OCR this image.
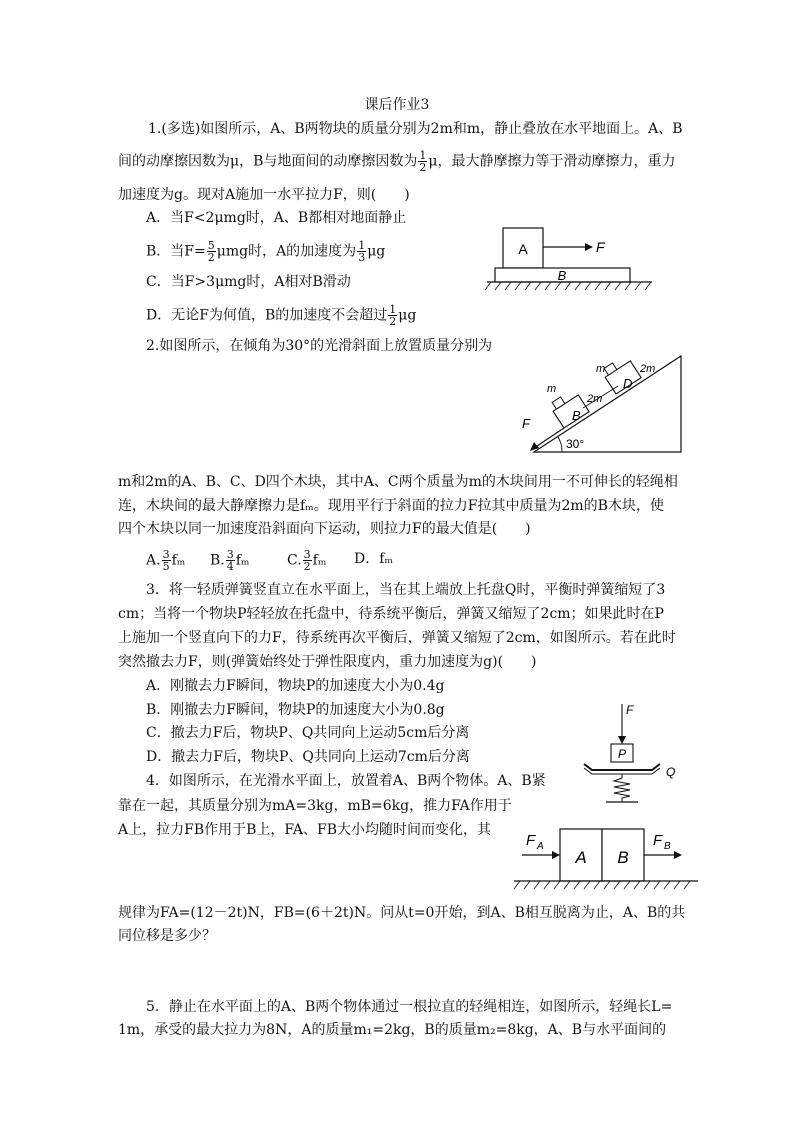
课后作业3
1.(多选)如图所示，A、B两物块的质量分别为2m和m，静止叠放在水平地面上。A、B
间的动摩擦因数为μ，B与地面间的动摩擦因数为 $\frac{1}{2}$ μ，最大静摩擦力等于滑动摩擦力，重力
加速度为g。现对A施加一水平拉力F，则(　　)
A．当F<2μmg时，A、B都相对地面静止
B．当$F= \frac{5}{2}$ μmg时，A的加速度为 $\frac{1}{3}$ μg
C．当F>3μmg时，A相对B滑动
D．无论F为何值，B的加速度不会超过 $\frac{1}{2}$ μg
A	F
B
2.如图所示，在倾角为30°的光滑斜面上放置质量分别为
30°
B
D
m
m
2m
2m
F
m和2m的A、B、C、D四个木块，其中A、C两个质量为m的木块间用一不可伸长的轻绳相
连，木块间的最大静摩擦力是fₘ。现用平行于斜面的拉力F拉其中质量为2m的B木块，使
四个木块以同一加速度沿斜面向下运动，则拉力F的最大值是(　　)
A. $\frac{3}{5}$ fₘ B. $\frac{3}{4}$ fₘ	C. $\frac{3}{2}$ fₘ D．fₘ
3．将一轻质弹簧竖直立在水平面上，当在其上端放上托盘Q时，平衡时弹簧缩短了3
cm；当将一个物块P轻轻放在托盘中，待系统平衡后，弹簧又缩短了2cm；如果此时在P
上施加一个竖直向下的力F，待系统再次平衡后，弹簧又缩短了2cm，如图所示。若在此时
突然撤去力F，则(弹簧始终处于弹性限度内，重力加速度为g)(　　)
A．刚撤去力F瞬间，物块P的加速度大小为0.4g
B．刚撤去力F瞬间，物块P的加速度大小为0.8g
C．撤去力F后，物块P、Q共同向上运动5cm后分离
D．撤去力F后，物块P、Q共同向上运动7cm后分离
F
P
Q
4．如图所示，在光滑水平面上，放置着A、B两个物体。A、B紧
靠在一起，其质量分别为mA=3kg，mB=6kg，推力FA作用于
A上，拉力FB作用于B上，FA、FB大小均随时间而变化，其
A B
F A	F B
规律为FA=(12－2t)N，FB=(6＋2t)N。问从t=0开始，到A、B相互脱离为止，A、B的共
同位移是多少？
5．静止在水平面上的A、B两个物体通过一根拉直的轻绳相连，如图所示，轻绳长L=
1m，承受的最大拉力为8N，A的质量m₁=2kg，B的质量m₂=8kg，A、B与水平面间的
